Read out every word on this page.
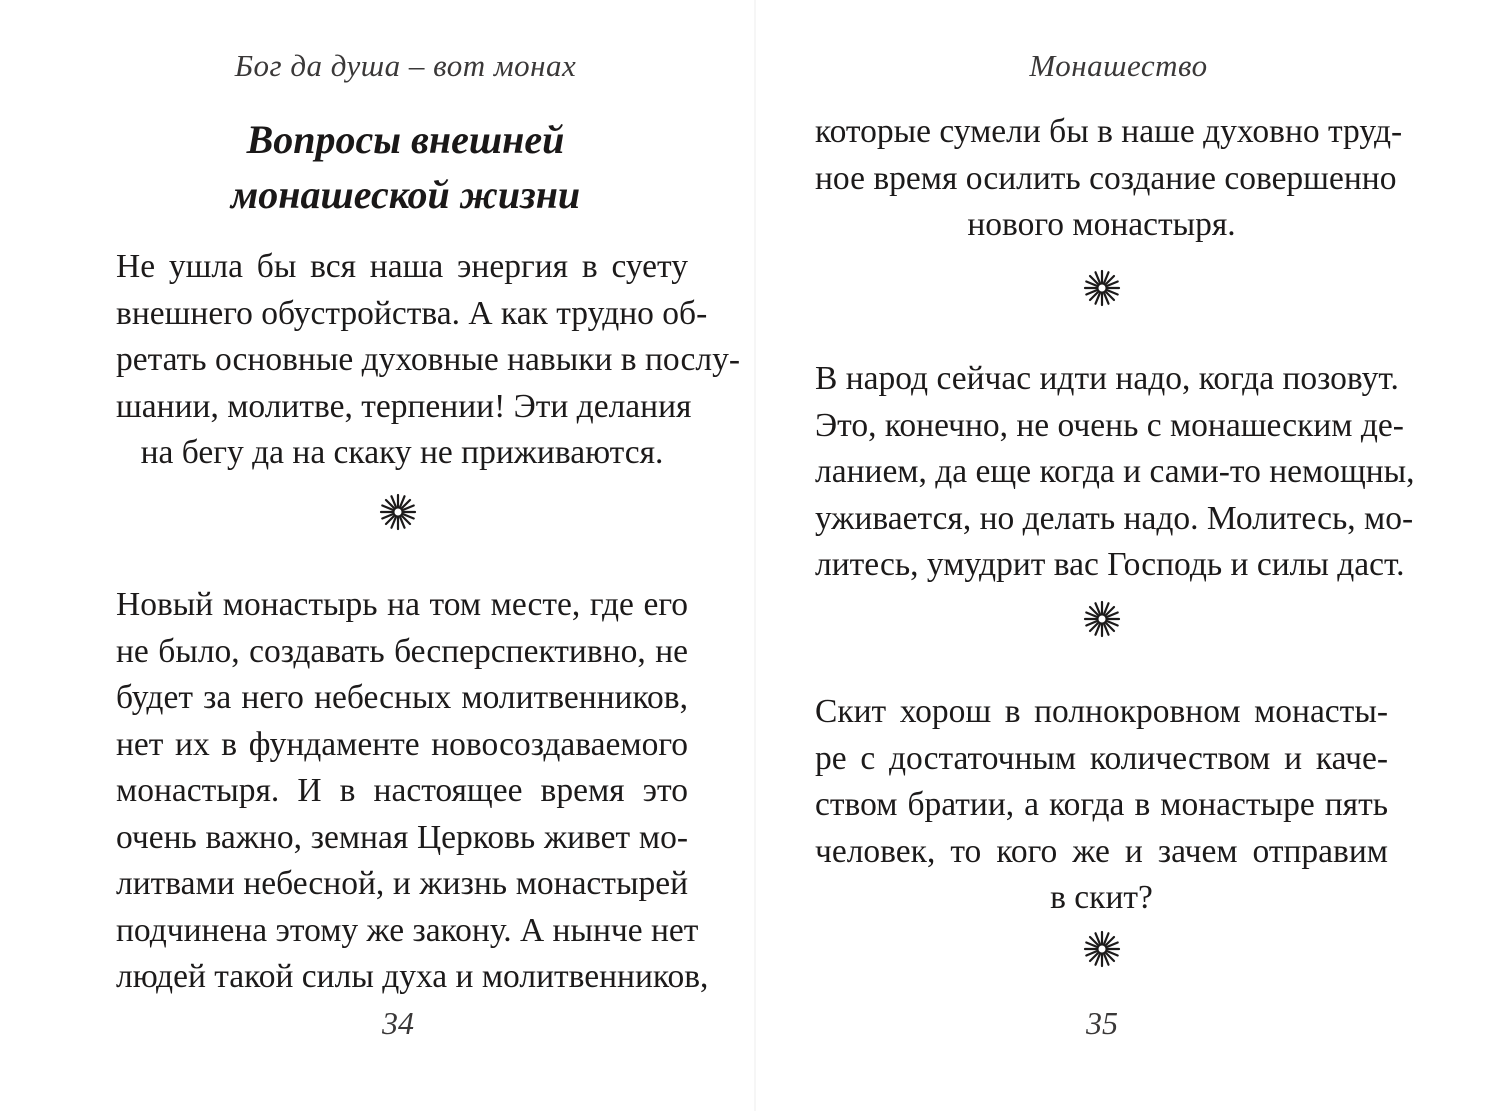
Бог да душа – вот монах
Вопросы внешней
монашеской жизни
Не ушла бы вся наша энергия в суету
внешнего обустройства. А как трудно об-
ретать основные духовные навыки в послу-
шании, молитве, терпении! Эти делания
на бегу да на скаку не приживаются.
Новый монастырь на том месте, где его
не было, создавать бесперспективно, не
будет за него небесных молитвенников,
нет их в фундаменте новосоздаваемого
монастыря. И в настоящее время это
очень важно, земная Церковь живет мо-
литвами небесной, и жизнь монастырей
подчинена этому же закону. А нынче нет
людей такой силы духа и молитвенников,
34
Монашество
которые сумели бы в наше духовно труд-
ное время осилить создание совершенно
нового монастыря.
В народ сейчас идти надо, когда позовут.
Это, конечно, не очень с монашеским де-
ланием, да еще когда и сами-то немощны,
уживается, но делать надо. Молитесь, мо-
литесь, умудрит вас Господь и силы даст.
Скит хорош в полнокровном монасты-
ре с достаточным количеством и каче-
ством братии, а когда в монастыре пять
человек, то кого же и зачем отправим
в скит?
35
